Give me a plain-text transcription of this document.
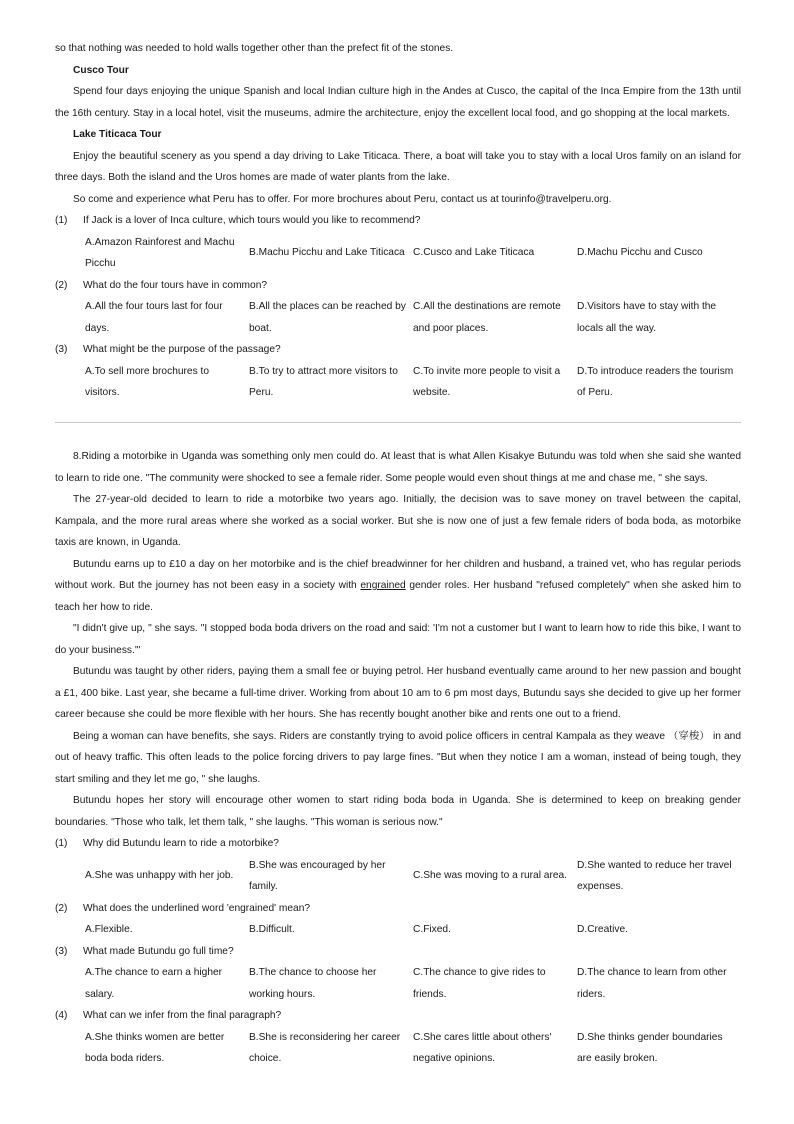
so that nothing was needed to hold walls together other than the prefect fit of the stones.

Cusco Tour

Spend four days enjoying the unique Spanish and local Indian culture high in the Andes at Cusco, the capital of the Inca Empire from the 13th until the 16th century. Stay in a local hotel, visit the museums, admire the architecture, enjoy the excellent local food, and go shopping at the local markets.

Lake Titicaca Tour

Enjoy the beautiful scenery as you spend a day driving to Lake Titicaca. There, a boat will take you to stay with a local Uros family on an island for three days. Both the island and the Uros homes are made of water plants from the lake.

So come and experience what Peru has to offer. For more brochures about Peru, contact us at tourinfo@travelperu.org.

(1) If Jack is a lover of Inca culture, which tours would you like to recommend?

A.Amazon Rainforest and Machu Picchu
B.Machu Picchu and Lake Titicaca C.Cusco and Lake Titicaca	D.Machu Picchu and Cusco

(2) What do the four tours have in common?

A.All the four tours last for four days.
B.All the places can be reached by boat.
C.All the destinations are remote and poor places.
D.Visitors have to stay with the locals all the way.

(3) What might be the purpose of the passage?

A.To sell more brochures to visitors.
B.To try to attract more visitors to Peru.
C.To invite more people to visit a website.
D.To introduce readers the tourism of Peru.

8.Riding a motorbike in Uganda was something only men could do. At least that is what Allen Kisakye Butundu was told when she said she wanted to learn to ride one. "The community were shocked to see a female rider. Some people would even shout things at me and chase me, " she says.

The 27-year-old decided to learn to ride a motorbike two years ago. Initially, the decision was to save money on travel between the capital, Kampala, and the more rural areas where she worked as a social worker. But she is now one of just a few female riders of boda boda, as motorbike taxis are known, in Uganda.

Butundu earns up to £10 a day on her motorbike and is the chief breadwinner for her children and husband, a trained vet, who has regular periods without work. But the journey has not been easy in a society with engrained gender roles. Her husband "refused completely" when she asked him to teach her how to ride.

"I didn't give up, " she says. "I stopped boda boda drivers on the road and said: 'I'm not a customer but I want to learn how to ride this bike, I want to do your business.'"

Butundu was taught by other riders, paying them a small fee or buying petrol. Her husband eventually came around to her new passion and bought a £1, 400 bike. Last year, she became a full-time driver. Working from about 10 am to 6 pm most days, Butundu says she decided to give up her former career because she could be more flexible with her hours. She has recently bought another bike and rents one out to a friend.

Being a woman can have benefits, she says. Riders are constantly trying to avoid police officers in central Kampala as they weave （穿梭） in and out of heavy traffic. This often leads to the police forcing drivers to pay large fines. "But when they notice I am a woman, instead of being tough, they start smiling and they let me go, " she laughs.

Butundu hopes her story will encourage other women to start riding boda boda in Uganda. She is determined to keep on breaking gender boundaries. "Those who talk, let them talk, " she laughs. "This woman is serious now."

(1) Why did Butundu learn to ride a motorbike?

A.She was unhappy with her job.
B.She was encouraged by her family.
C.She was moving to a rural area.
D.She wanted to reduce her travel expenses.

(2) What does the underlined word 'engrained' mean?

A.Flexible.	B.Difficult.	C.Fixed.	D.Creative.

(3) What made Butundu go full time?

A.The chance to earn a higher salary.
B.The chance to choose her working hours.
C.The chance to give rides to friends.
D.The chance to learn from other riders.

(4) What can we infer from the final paragraph?

A.She thinks women are better boda boda riders.
B.She is reconsidering her career choice.
C.She cares little about others' negative opinions.
D.She thinks gender boundaries are easily broken.
